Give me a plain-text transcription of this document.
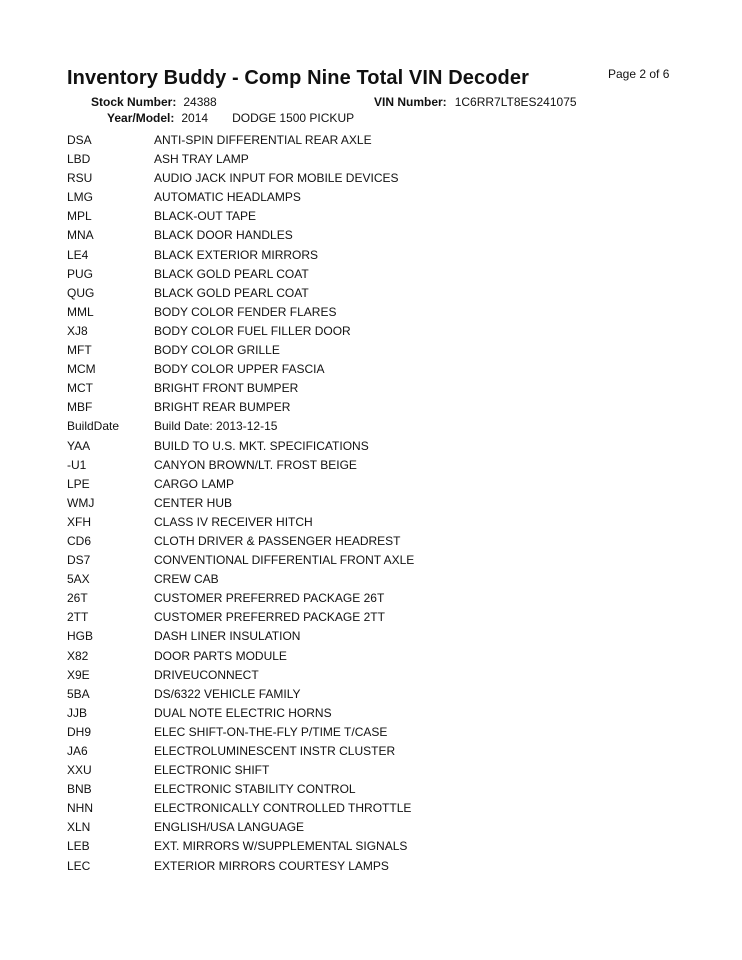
Inventory Buddy - Comp Nine Total VIN Decoder	Page 2 of 6
Stock Number: 24388	VIN Number: 1C6RR7LT8ES241075
Year/Model: 2014 DODGE 1500 PICKUP
DSA	ANTI-SPIN DIFFERENTIAL REAR AXLE
LBD	ASH TRAY LAMP
RSU	AUDIO JACK INPUT FOR MOBILE DEVICES
LMG	AUTOMATIC HEADLAMPS
MPL	BLACK-OUT TAPE
MNA	BLACK DOOR HANDLES
LE4	BLACK EXTERIOR MIRRORS
PUG	BLACK GOLD PEARL COAT
QUG	BLACK GOLD PEARL COAT
MML	BODY COLOR FENDER FLARES
XJ8	BODY COLOR FUEL FILLER DOOR
MFT	BODY COLOR GRILLE
MCM	BODY COLOR UPPER FASCIA
MCT	BRIGHT FRONT BUMPER
MBF	BRIGHT REAR BUMPER
BuildDate	Build Date: 2013-12-15
YAA	BUILD TO U.S. MKT. SPECIFICATIONS
-U1	CANYON BROWN/LT. FROST BEIGE
LPE	CARGO LAMP
WMJ	CENTER HUB
XFH	CLASS IV RECEIVER HITCH
CD6	CLOTH DRIVER & PASSENGER HEADREST
DS7	CONVENTIONAL DIFFERENTIAL FRONT AXLE
5AX	CREW CAB
26T	CUSTOMER PREFERRED PACKAGE 26T
2TT	CUSTOMER PREFERRED PACKAGE 2TT
HGB	DASH LINER INSULATION
X82	DOOR PARTS MODULE
X9E	DRIVEUCONNECT
5BA	DS/6322 VEHICLE FAMILY
JJB	DUAL NOTE ELECTRIC HORNS
DH9	ELEC SHIFT-ON-THE-FLY P/TIME T/CASE
JA6	ELECTROLUMINESCENT INSTR CLUSTER
XXU	ELECTRONIC SHIFT
BNB	ELECTRONIC STABILITY CONTROL
NHN	ELECTRONICALLY CONTROLLED THROTTLE
XLN	ENGLISH/USA LANGUAGE
LEB	EXT. MIRRORS W/SUPPLEMENTAL SIGNALS
LEC	EXTERIOR MIRRORS COURTESY LAMPS
